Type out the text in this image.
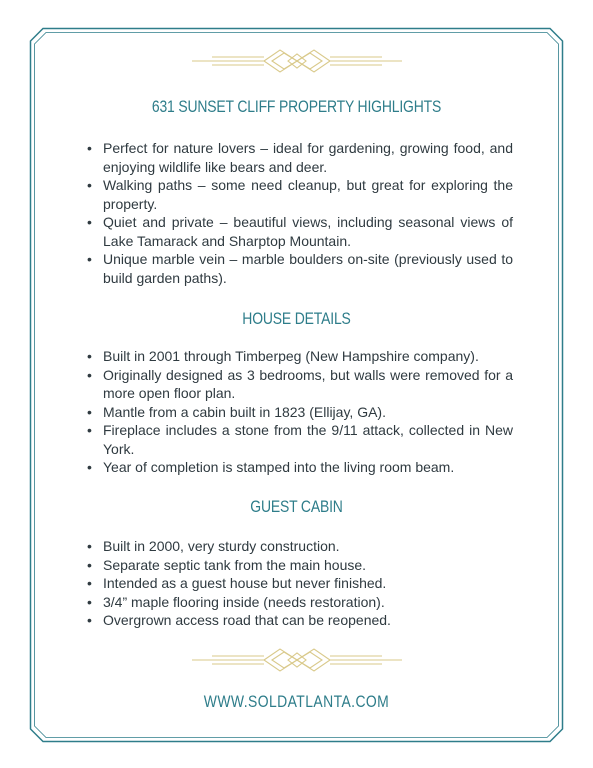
631 SUNSET CLIFF PROPERTY HIGHLIGHTS
• Perfect for nature lovers – ideal for gardening, growing food, and enjoying wildlife like bears and deer.
• Walking paths – some need cleanup, but great for exploring the property.
• Quiet and private – beautiful views, including seasonal views of Lake Tamarack and Sharptop Mountain.
• Unique marble vein – marble boulders on-site (previously used to build garden paths).
HOUSE DETAILS
• Built in 2001 through Timberpeg (New Hampshire company).
• Originally designed as 3 bedrooms, but walls were removed for a more open floor plan.
• Mantle from a cabin built in 1823 (Ellijay, GA).
• Fireplace includes a stone from the 9/11 attack, collected in New York.
• Year of completion is stamped into the living room beam.
GUEST CABIN
• Built in 2000, very sturdy construction.
• Separate septic tank from the main house.
• Intended as a guest house but never finished.
• 3/4” maple flooring inside (needs restoration).
• Overgrown access road that can be reopened.
WWW.SOLDATLANTA.COM
